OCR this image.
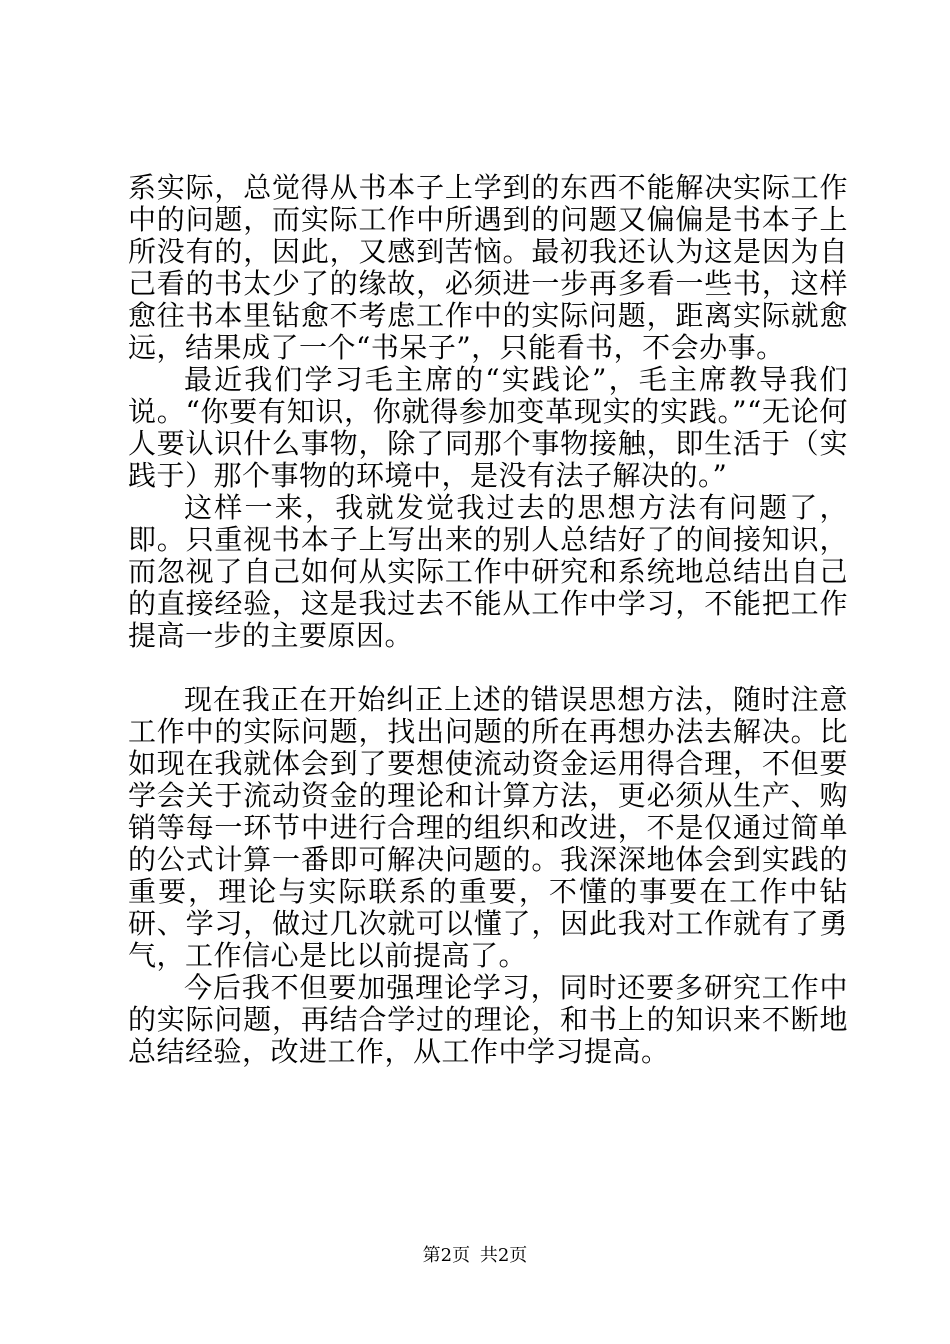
系实际，总觉得从书本子上学到的东西不能解决实际工作中的问题，而实际工作中所遇到的问题又偏偏是书本子上所没有的，因此，又感到苦恼。最初我还认为这是因为自己看的书太少了的缘故，必须进一步再多看一些书，这样愈往书本里钻愈不考虑工作中的实际问题，距离实际就愈远，结果成了一个“书呆子”，只能看书，不会办事。

最近我们学习毛主席的“实践论”，毛主席教导我们说。“你要有知识，你就得参加变革现实的实践。”“无论何人要认识什么事物，除了同那个事物接触，即生活于（实践于）那个事物的环境中，是没有法子解决的。”

这样一来，我就发觉我过去的思想方法有问题了，即。只重视书本子上写出来的别人总结好了的间接知识，而忽视了自己如何从实际工作中研究和系统地总结出自己的直接经验，这是我过去不能从工作中学习，不能把工作提高一步的主要原因。

现在我正在开始纠正上述的错误思想方法，随时注意工作中的实际问题，找出问题的所在再想办法去解决。比如现在我就体会到了要想使流动资金运用得合理，不但要学会关于流动资金的理论和计算方法，更必须从生产、购销等每一环节中进行合理的组织和改进，不是仅通过简单的公式计算一番即可解决问题的。我深深地体会到实践的重要，理论与实际联系的重要，不懂的事要在工作中钻研、学习，做过几次就可以懂了，因此我对工作就有了勇气，工作信心是比以前提高了。

今后我不但要加强理论学习，同时还要多研究工作中的实际问题，再结合学过的理论，和书上的知识来不断地总结经验，改进工作，从工作中学习提高。

第2页 共2页
